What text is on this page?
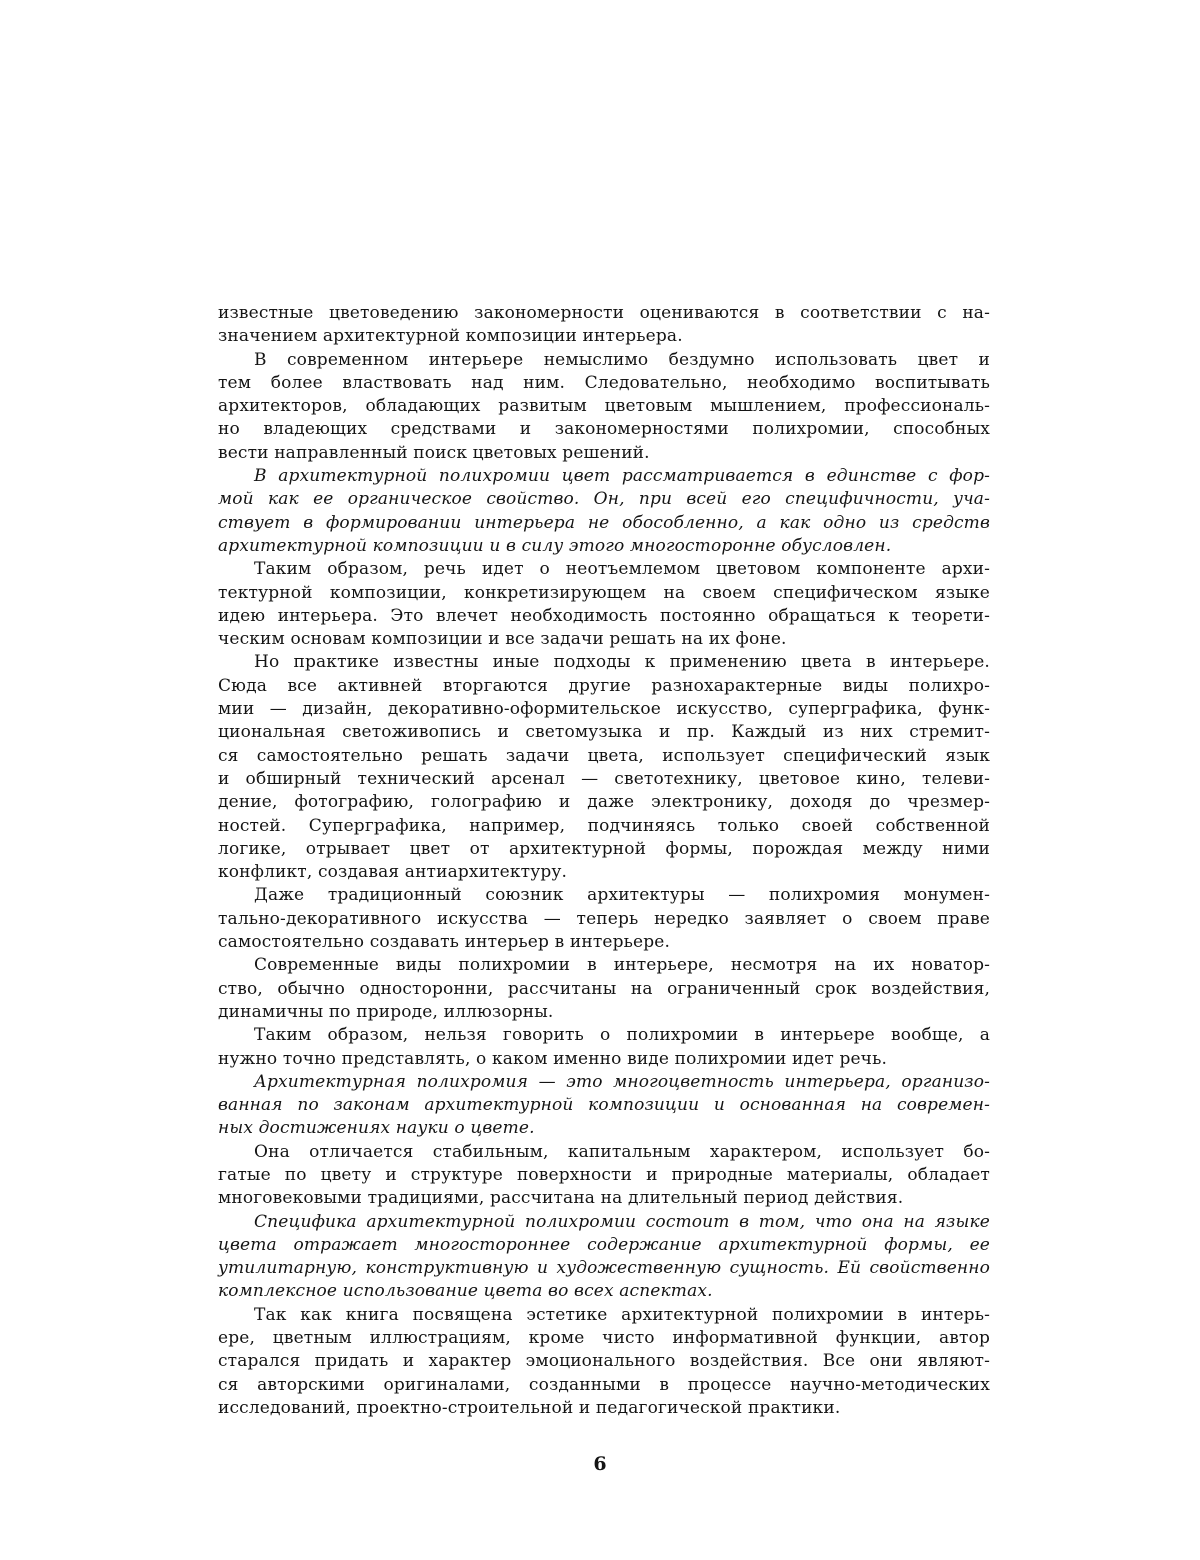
известные цветоведению закономерности оцениваются в соответствии с на-
значением архитектурной композиции интерьера.
В современном интерьере немыслимо бездумно использовать цвет и
тем более властвовать над ним. Следовательно, необходимо воспитывать
архитекторов, обладающих развитым цветовым мышлением, профессиональ-
но владеющих средствами и закономерностями полихромии, способных
вести направленный поиск цветовых решений.
В архитектурной полихромии цвет рассматривается в единстве с фор-
мой как ее органическое свойство. Он, при всей его специфичности, уча-
ствует в формировании интерьера не обособленно, а как одно из средств
архитектурной композиции и в силу этого многосторонне обусловлен.
Таким образом, речь идет о неотъемлемом цветовом компоненте архи-
тектурной композиции, конкретизирующем на своем специфическом языке
идею интерьера. Это влечет необходимость постоянно обращаться к теорети-
ческим основам композиции и все задачи решать на их фоне.
Но практике известны иные подходы к применению цвета в интерьере.
Сюда все активней вторгаются другие разнохарактерные виды полихро-
мии — дизайн, декоративно-оформительское искусство, суперграфика, функ-
циональная светоживопись и светомузыка и пр. Каждый из них стремит-
ся самостоятельно решать задачи цвета, использует специфический язык
и обширный технический арсенал — светотехнику, цветовое кино, телеви-
дение, фотографию, голографию и даже электронику, доходя до чрезмер-
ностей. Суперграфика, например, подчиняясь только своей собственной
логике, отрывает цвет от архитектурной формы, порождая между ними
конфликт, создавая антиархитектуру.
Даже традиционный союзник архитектуры — полихромия монумен-
тально-декоративного искусства — теперь нередко заявляет о своем праве
самостоятельно создавать интерьер в интерьере.
Современные виды полихромии в интерьере, несмотря на их новатор-
ство, обычно односторонни, рассчитаны на ограниченный срок воздействия,
динамичны по природе, иллюзорны.
Таким образом, нельзя говорить о полихромии в интерьере вообще, а
нужно точно представлять, о каком именно виде полихромии идет речь.
Архитектурная полихромия — это многоцветность интерьера, организо-
ванная по законам архитектурной композиции и основанная на современ-
ных достижениях науки о цвете.
Она отличается стабильным, капитальным характером, использует бо-
гатые по цвету и структуре поверхности и природные материалы, обладает
многовековыми традициями, рассчитана на длительный период действия.
Специфика архитектурной полихромии состоит в том, что она на языке
цвета отражает многостороннее содержание архитектурной формы, ее
утилитарную, конструктивную и художественную сущность. Ей свойственно
комплексное использование цвета во всех аспектах.
Так как книга посвящена эстетике архитектурной полихромии в интерь-
ере, цветным иллюстрациям, кроме чисто информативной функции, автор
старался придать и характер эмоционального воздействия. Все они являют-
ся авторскими оригиналами, созданными в процессе научно-методических
исследований, проектно-строительной и педагогической практики.
6
